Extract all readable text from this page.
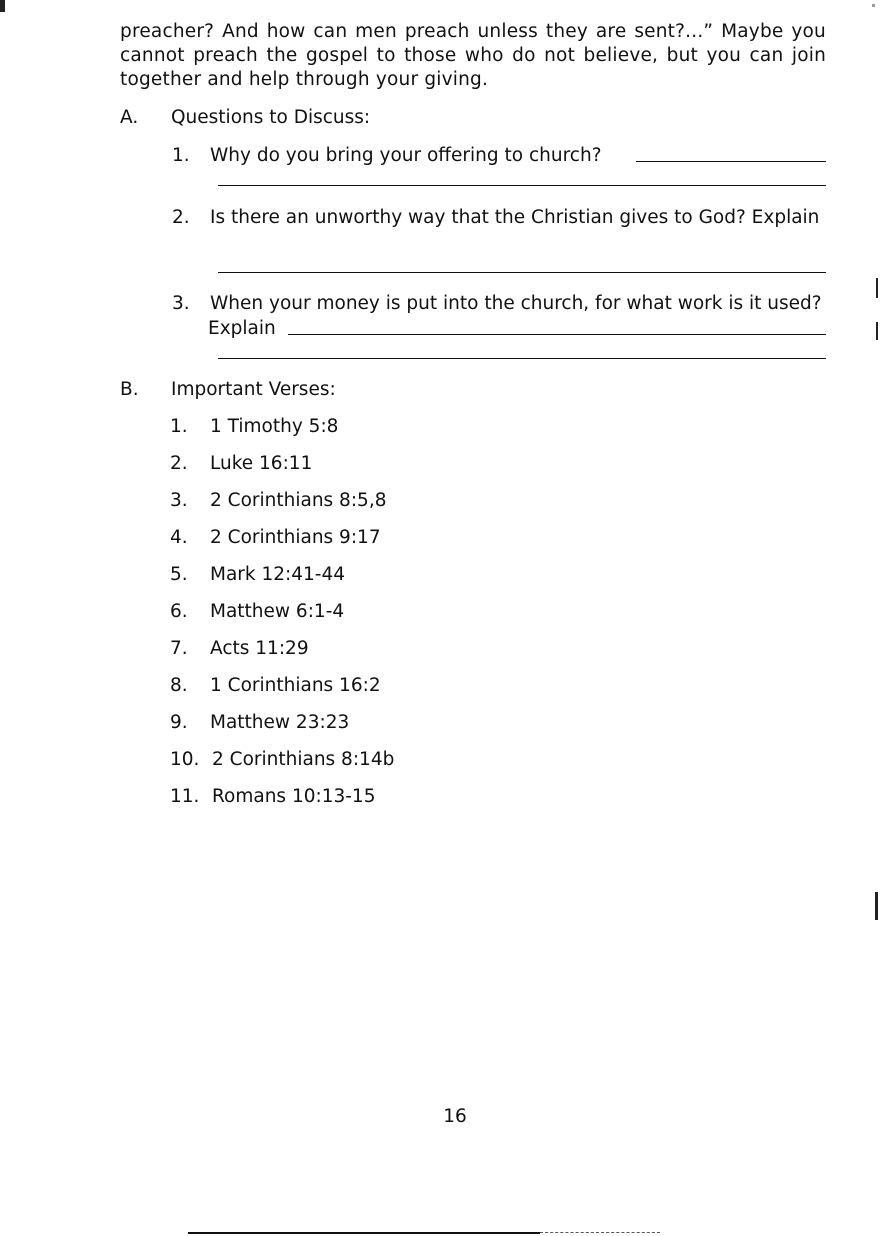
preacher? And how can men preach unless they are sent?...” Maybe you cannot preach the gospel to those who do not believe, but you can join together and help through your giving.

A. Questions to Discuss:
1. Why do you bring your offering to church?
2. Is there an unworthy way that the Christian gives to God? Explain
3. When your money is put into the church, for what work is it used?
Explain
B. Important Verses:
1. 1 Timothy 5:8
2. Luke 16:11
3. 2 Corinthians 8:5,8
4. 2 Corinthians 9:17
5. Mark 12:41-44
6. Matthew 6:1-4
7. Acts 11:29
8. 1 Corinthians 16:2
9. Matthew 23:23
10. 2 Corinthians 8:14b
11. Romans 10:13-15
16
